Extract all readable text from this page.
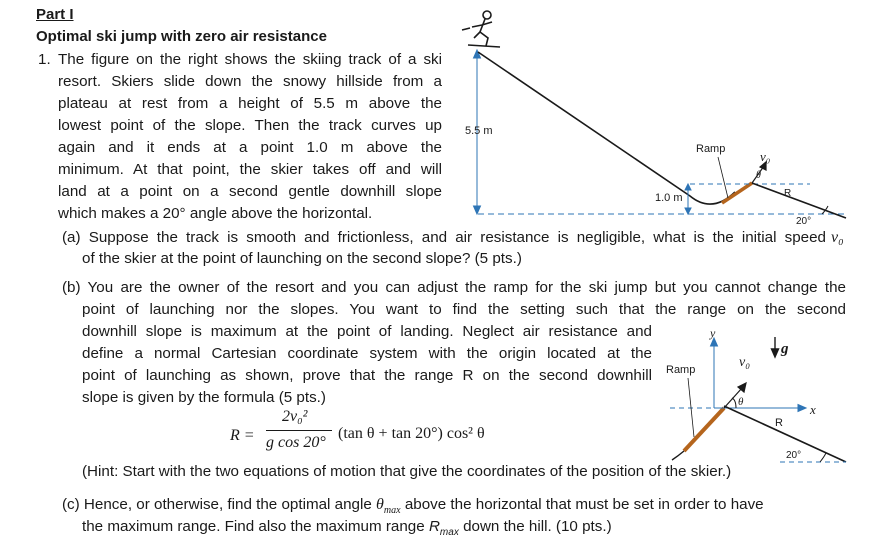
Part I
Optimal ski jump with zero air resistance
1. The figure on the right shows the skiing track of a ski
resort. Skiers slide down the snowy hillside from a
plateau at rest from a height of 5.5 m above the
lowest point of the slope. Then the track curves up
again and it ends at a point 1.0 m above the
minimum. At that point, the skier takes off and will
land at a point on a second gentle downhill slope
which makes a 20° angle above the horizontal.
(a) Suppose the track is smooth and frictionless, and air resistance is negligible, what is the initial speed v₀
of the skier at the point of launching on the second slope? (5 pts.)
(b) You are the owner of the resort and you can adjust the ramp for the ski jump but you cannot change the
point of launching nor the slopes. You want to find the setting such that the range on the second
downhill slope is maximum at the point of landing. Neglect air resistance and
define a normal Cartesian coordinate system with the origin located at the
point of launching as shown, prove that the range R on the second downhill
slope is given by the formula (5 pts.)
R =
2v₀²
g cos 20°
(tan θ + tan 20°) cos² θ
(Hint: Start with the two equations of motion that give the coordinates of the position of the skier.)
(c) Hence, or otherwise, find the optimal angle $\theta_{max}$ above the horizontal that must be set in order to have
the maximum range. Find also the maximum range $R_{max}$ down the hill. (10 pts.)
5.5 m
1.0 m
20°
R
θ
v₀
Ramp
y
x
g
20°
R
θ
v₀
Ramp
